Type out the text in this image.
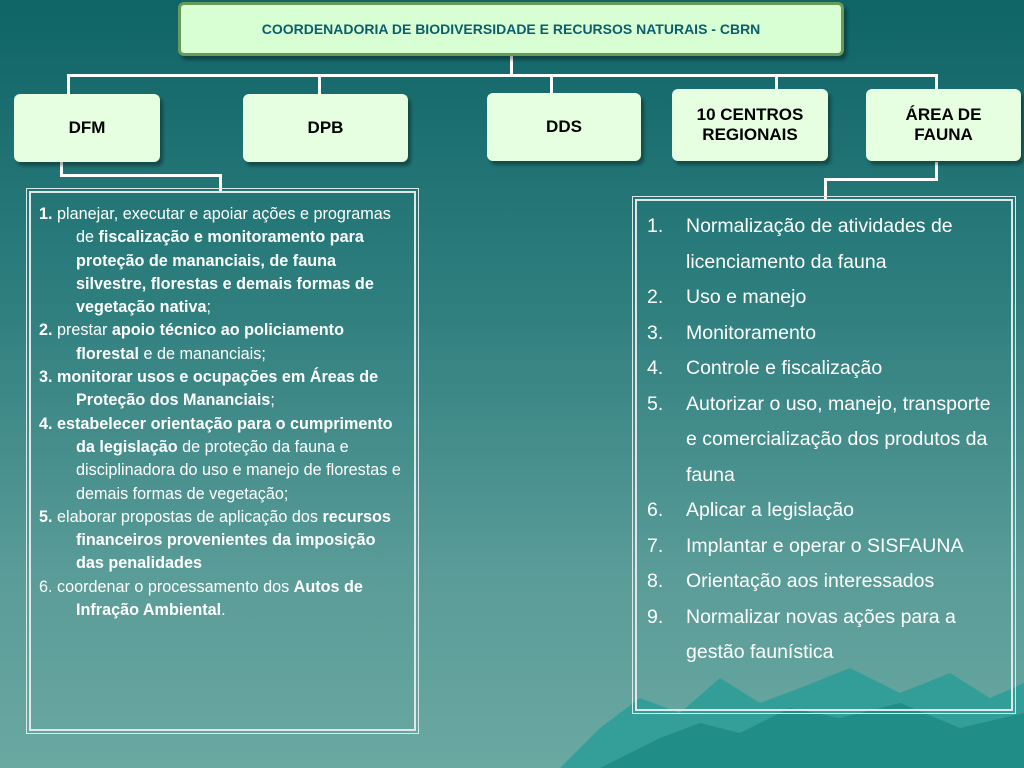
COORDENADORIA DE BIODIVERSIDADE E RECURSOS NATURAIS - CBRN
DFM	DPB	DDS
10 CENTROS REGIONAIS
ÁREA DE FAUNA

1. planejar, executar e apoiar ações e programas de fiscalização e monitoramento para proteção de mananciais, de fauna silvestre, florestas e demais formas de vegetação nativa;

2. prestar apoio técnico ao policiamento florestal e de mananciais;

3. monitorar usos e ocupações em Áreas de Proteção dos Mananciais;

4. estabelecer orientação para o cumprimento da legislação de proteção da fauna e disciplinadora do uso e manejo de florestas e demais formas de vegetação;

5. elaborar propostas de aplicação dos recursos financeiros provenientes da imposição das penalidades

6. coordenar o processamento dos Autos de Infração Ambiental.

1.	Normalização de atividades de licenciamento da fauna
2.	Uso e manejo
3.	Monitoramento
4.	Controle e fiscalização
5.	Autorizar o uso, manejo, transporte e comercialização dos produtos da fauna
6.	Aplicar a legislação
7.	Implantar e operar o SISFAUNA
8.	Orientação aos interessados
9.	Normalizar novas ações para a gestão faunística
